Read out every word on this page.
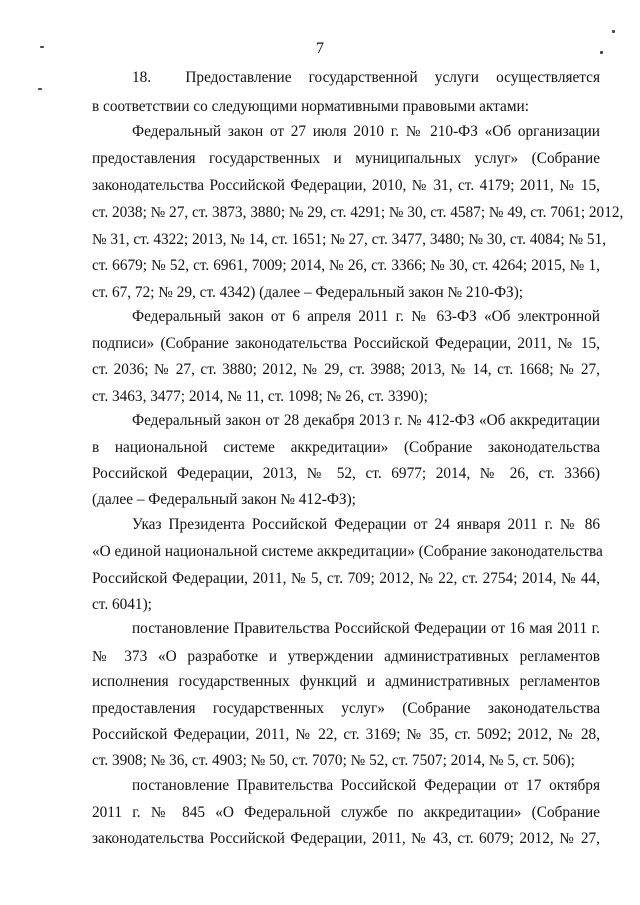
7
18.    Предоставление  государственной  услуги  осуществляется
в соответствии со следующими нормативными правовыми актами:
Федеральный закон от 27 июля 2010 г. № 210-ФЗ «Об организации
предоставления государственных и муниципальных услуг» (Собрание
законодательства Российской Федерации, 2010, № 31, ст. 4179; 2011, № 15,
ст. 2038; № 27, ст. 3873, 3880; № 29, ст. 4291; № 30, ст. 4587; № 49, ст. 7061; 2012,
№ 31, ст. 4322; 2013, № 14, ст. 1651; № 27, ст. 3477, 3480; № 30, ст. 4084; № 51,
ст. 6679; № 52, ст. 6961, 7009; 2014, № 26, ст. 3366; № 30, ст. 4264; 2015, № 1,
ст. 67, 72; № 29, ст. 4342) (далее – Федеральный закон № 210-ФЗ);
Федеральный закон от 6 апреля 2011 г. № 63-ФЗ «Об электронной
подписи» (Собрание законодательства Российской Федерации, 2011, № 15,
ст. 2036; № 27, ст. 3880; 2012, № 29, ст. 3988; 2013, № 14, ст. 1668; № 27,
ст. 3463, 3477; 2014, № 11, ст. 1098; № 26, ст. 3390);
Федеральный закон от 28 декабря 2013 г. № 412-ФЗ «Об аккредитации
в национальной системе аккредитации» (Собрание законодательства
Российской Федерации, 2013, № 52, ст. 6977; 2014, № 26, ст. 3366)
(далее – Федеральный закон № 412-ФЗ);
Указ Президента Российской Федерации от 24 января 2011 г. № 86
«О единой национальной системе аккредитации» (Собрание законодательства
Российской Федерации, 2011, № 5, ст. 709; 2012, № 22, ст. 2754; 2014, № 44,
ст. 6041);
постановление Правительства Российской Федерации от 16 мая 2011 г.
№ 373 «О разработке и утверждении административных регламентов
исполнения государственных функций и административных регламентов
предоставления государственных услуг» (Собрание законодательства
Российской Федерации, 2011, № 22, ст. 3169; № 35, ст. 5092; 2012, № 28,
ст. 3908; № 36, ст. 4903; № 50, ст. 7070; № 52, ст. 7507; 2014, № 5, ст. 506);
постановление Правительства Российской Федерации от 17 октября
2011 г. № 845 «О Федеральной службе по аккредитации» (Собрание
законодательства Российской Федерации, 2011, № 43, ст. 6079; 2012, № 27,
